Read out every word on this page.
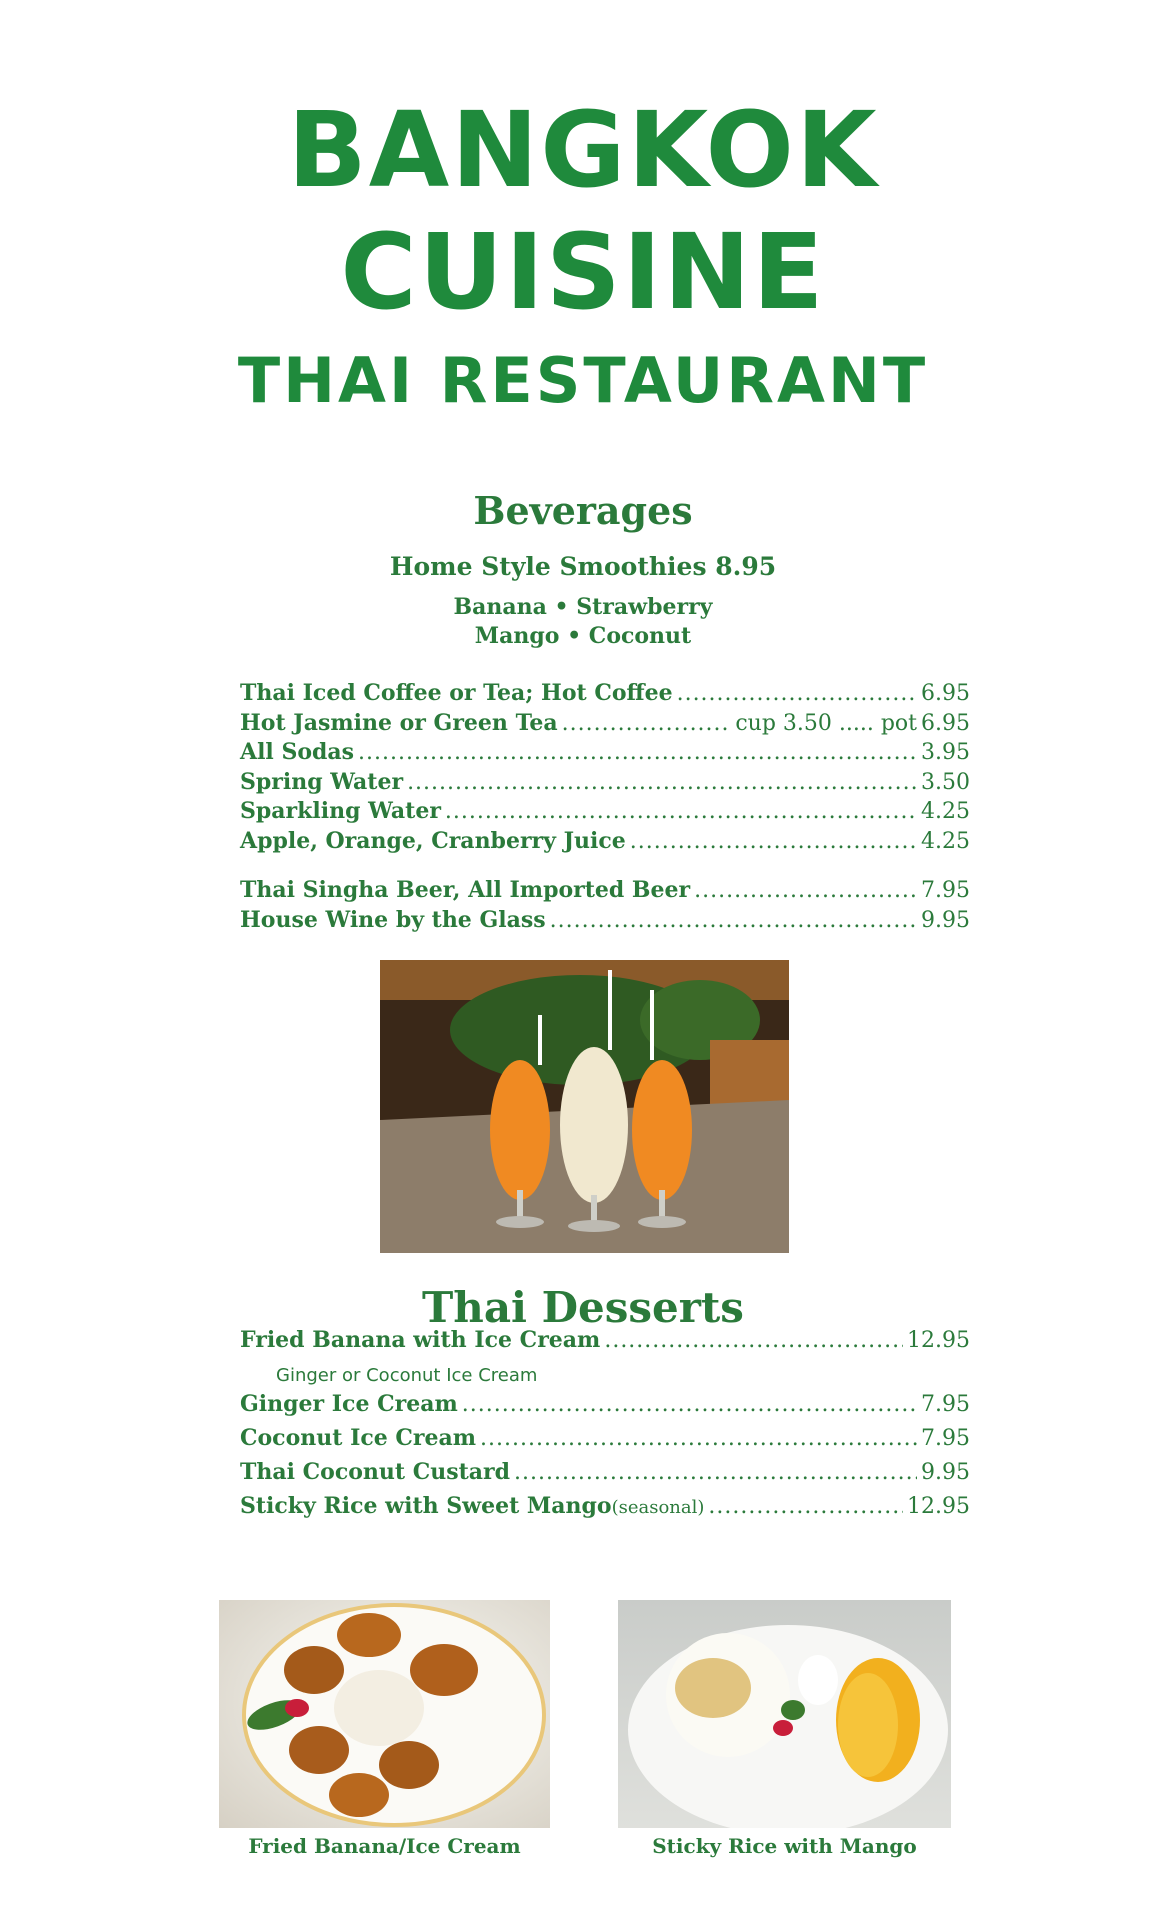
BANGKOK
CUISINE
THAI RESTAURANT
Beverages
Home Style Smoothies 8.95
Banana • Strawberry
Mango • Coconut
Thai Iced Coffee or Tea; Hot Coffee .....	6.95
Hot Jasmine or Green Tea .....	cup 3.50 ..... pot 6.95
All Sodas .....	3.95
Spring Water .....	3.50
Sparkling Water .....	4.25
Apple, Orange, Cranberry Juice .....	4.25
Thai Singha Beer, All Imported Beer .....	7.95
House Wine by the Glass .....	9.95
Thai Desserts
Fried Banana with Ice Cream .....	12.95
Ginger or Coconut Ice Cream
Ginger Ice Cream .....	7.95
Coconut Ice Cream .....	7.95
Thai Coconut Custard .....	9.95
Sticky Rice with Sweet Mango (seasonal) .....	12.95
Fried Banana/Ice Cream	Sticky Rice with Mango
